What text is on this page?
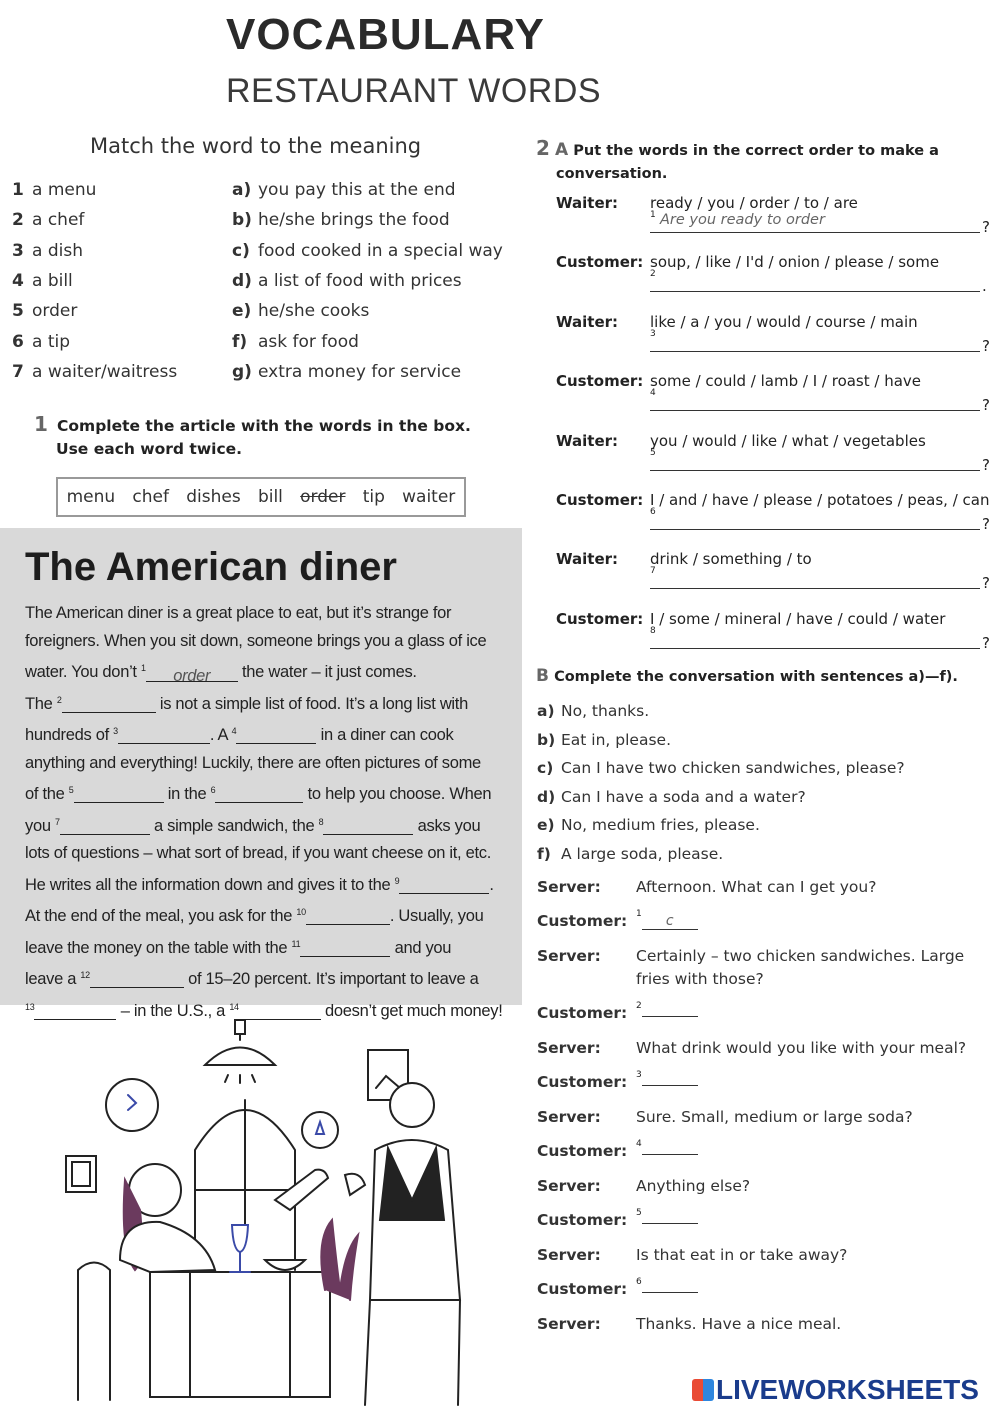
VOCABULARY
RESTAURANT WORDS
Match the word to the meaning
1 a menu
2 a chef
3 a dish
4 a bill
5 order
6 a tip
7 a waiter/waitress
a) you pay this at the end
b) he/she brings the food
c) food cooked in a special way
d) a list of food with prices
e) he/she cooks
f) ask for food
g) extra money for service
1 Complete the article with the words in the box.
Use each word twice.
menu chef dishes bill order tip waiter
The American diner
The American diner is a great place to eat, but it’s strange for
foreigners. When you sit down, someone brings you a glass of ice
water. You don’t $^1$ order the water – it just comes.
The $^2$	is not a simple list of food. It’s a long list with
hundreds of $^3$	. A $^4$	in a diner can cook
anything and everything! Luckily, there are often pictures of some
of the $^5$	in the $^6$	to help you choose. When
you $^7$	a simple sandwich, the $^8$	asks you
lots of questions – what sort of bread, if you want cheese on it, etc.
He writes all the information down and gives it to the $^9$	.
At the end of the meal, you ask for the $^{10}$	. Usually, you
leave the money on the table with the $^{11}$	and you
leave a $^{12}$	of 15–20 percent. It’s important to leave a
$^{13}$	– in the U.S., a $^{14}$	doesn’t get much money!
2 A Put the words in the correct order to make a
conversation.
Waiter: ready / you / order / to / are
1 Are you ready to order	?
Customer: soup, / like / I'd / onion / please / some
2
.
Waiter: like / a / you / would / course / main
3
?
Customer: some / could / lamb / I / roast / have
4
?
Waiter: you / would / like / what / vegetables
5
?
Customer: I / and / have / please / potatoes / peas, / can
6
?
Waiter: drink / something / to
7
?
Customer: I / some / mineral / have / could / water
8
?
B Complete the conversation with sentences a)—f).
a) No, thanks.
b) Eat in, please.
c) Can I have two chicken sandwiches, please?
d) Can I have a soda and a water?
e) No, medium fries, please.
f) A large soda, please.
Server: Afternoon. What can I get you?
Customer: $^1$ c
Server: Certainly – two chicken sandwiches. Large
fries with those?
Customer: $^2$
Server: What drink would you like with your meal?
Customer: $^3$
Server: Sure. Small, medium or large soda?
Customer: $^4$
Server: Anything else?
Customer: $^5$
Server: Is that eat in or take away?
Customer: $^6$
Server: Thanks. Have a nice meal.
LIVEWORKSHEETS
